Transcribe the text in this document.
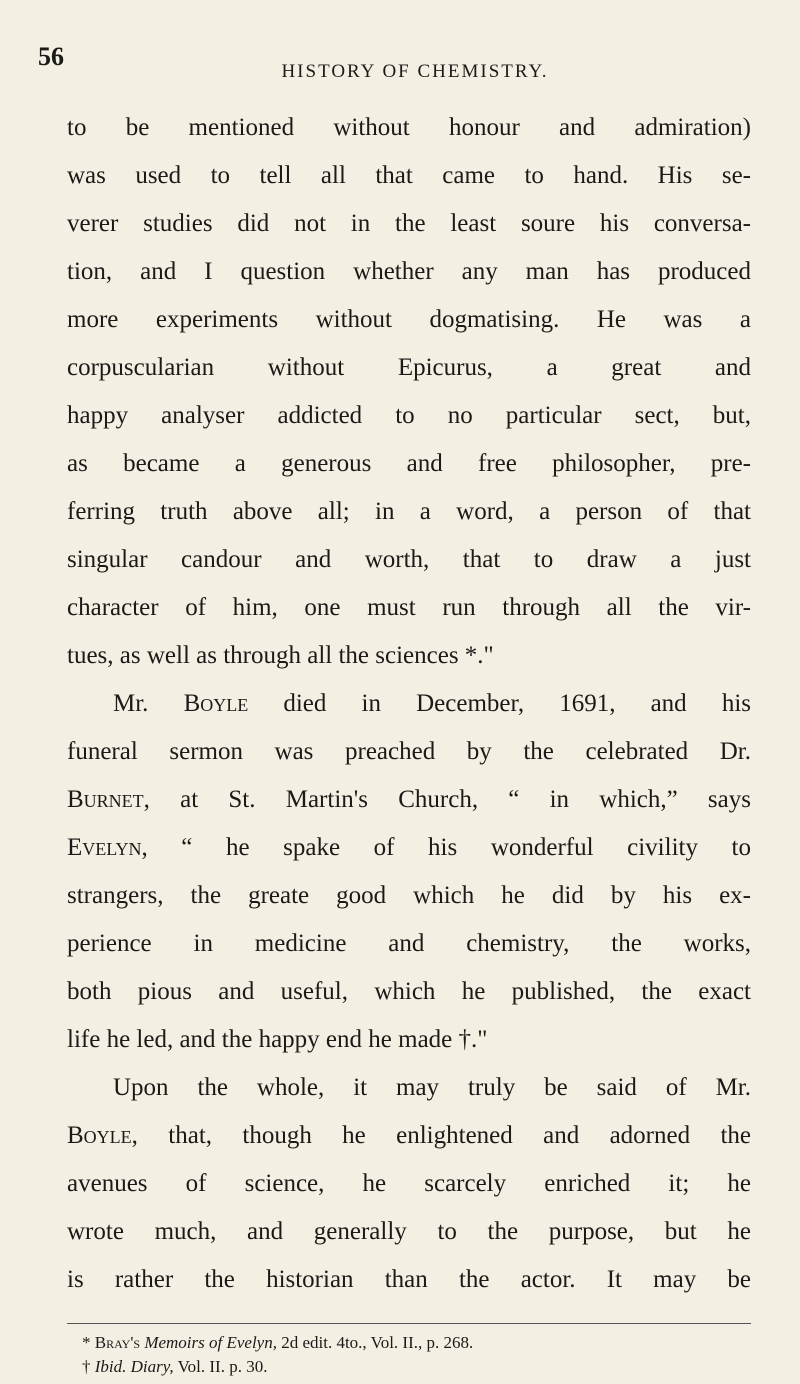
56
HISTORY OF CHEMISTRY.
to be mentioned without honour and admiration)
was used to tell all that came to hand. His se-
verer studies did not in the least soure his conversa-
tion, and I question whether any man has produced
more experiments without dogmatising. He was a
corpuscularian without Epicurus, a great and
happy analyser addicted to no particular sect, but,
as became a generous and free philosopher, pre-
ferring truth above all; in a word, a person of that
singular candour and worth, that to draw a just
character of him, one must run through all the vir-
tues, as well as through all the sciences *."
Mr. Boyle died in December, 1691, and his
funeral sermon was preached by the celebrated Dr.
Burnet, at St. Martin's Church, “ in which,” says
Evelyn, “ he spake of his wonderful civility to
strangers, the greate good which he did by his ex-
perience in medicine and chemistry, the works,
both pious and useful, which he published, the exact
life he led, and the happy end he made †."
Upon the whole, it may truly be said of Mr.
Boyle, that, though he enlightened and adorned the
avenues of science, he scarcely enriched it; he
wrote much, and generally to the purpose, but he
is rather the historian than the actor. It may be
* Bray's Memoirs of Evelyn, 2d edit. 4to., Vol. II., p. 268.
† Ibid. Diary, Vol. II. p. 30.
